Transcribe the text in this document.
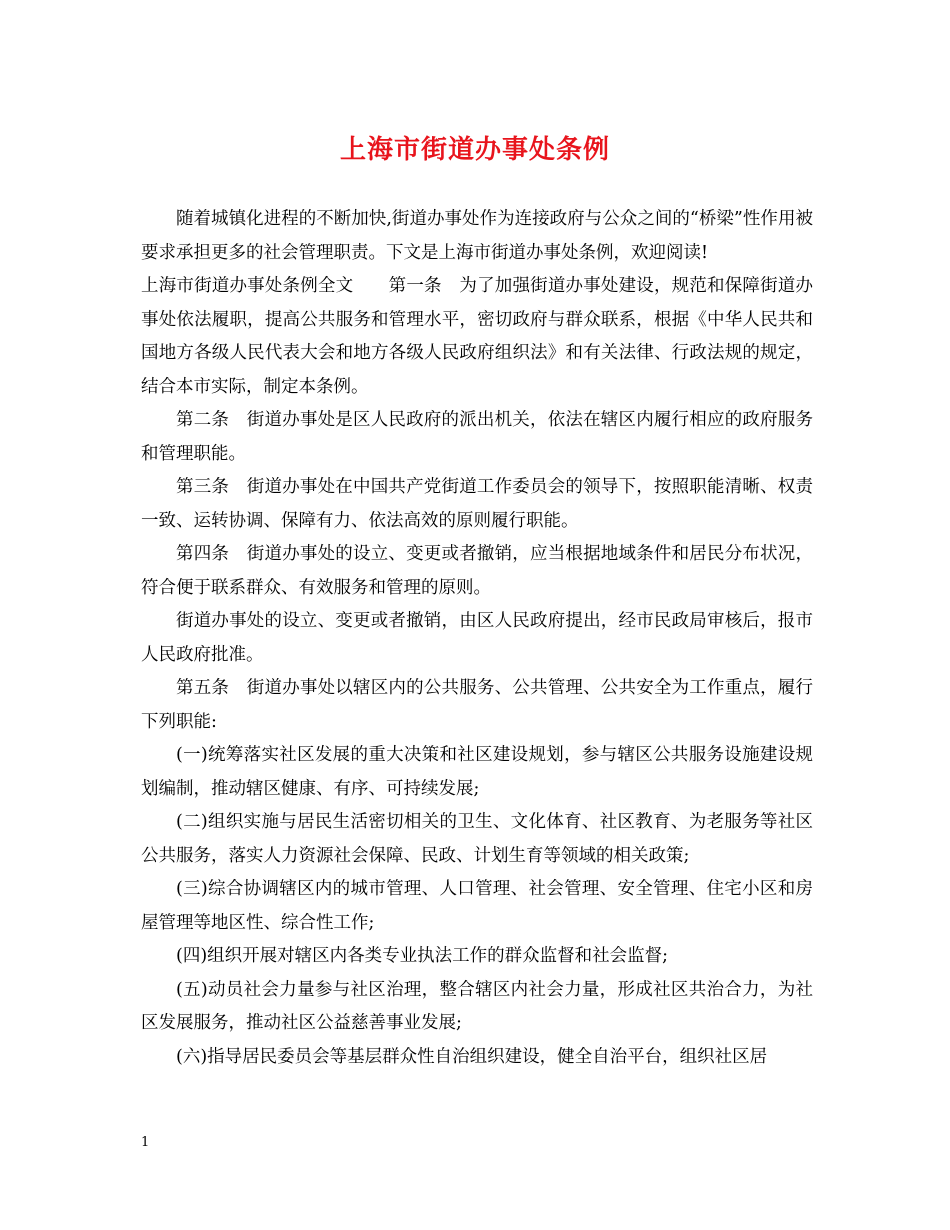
上海市街道办事处条例

随着城镇化进程的不断加快,街道办事处作为连接政府与公众之间的“桥梁”性作用被要求承担更多的社会管理职责。下文是上海市街道办事处条例，欢迎阅读!

上海市街道办事处条例全文　　第一条　为了加强街道办事处建设，规范和保障街道办事处依法履职，提高公共服务和管理水平，密切政府与群众联系，根据《中华人民共和国地方各级人民代表大会和地方各级人民政府组织法》和有关法律、行政法规的规定，结合本市实际，制定本条例。

第二条　街道办事处是区人民政府的派出机关，依法在辖区内履行相应的政府服务和管理职能。

第三条　街道办事处在中国共产党街道工作委员会的领导下，按照职能清晰、权责一致、运转协调、保障有力、依法高效的原则履行职能。

第四条　街道办事处的设立、变更或者撤销，应当根据地域条件和居民分布状况，符合便于联系群众、有效服务和管理的原则。

街道办事处的设立、变更或者撤销，由区人民政府提出，经市民政局审核后，报市人民政府批准。

第五条　街道办事处以辖区内的公共服务、公共管理、公共安全为工作重点，履行下列职能:

(一)统筹落实社区发展的重大决策和社区建设规划，参与辖区公共服务设施建设规划编制，推动辖区健康、有序、可持续发展;

(二)组织实施与居民生活密切相关的卫生、文化体育、社区教育、为老服务等社区公共服务，落实人力资源社会保障、民政、计划生育等领域的相关政策;

(三)综合协调辖区内的城市管理、人口管理、社会管理、安全管理、住宅小区和房屋管理等地区性、综合性工作;

(四)组织开展对辖区内各类专业执法工作的群众监督和社会监督;

(五)动员社会力量参与社区治理，整合辖区内社会力量，形成社区共治合力，为社区发展服务，推动社区公益慈善事业发展;

(六)指导居民委员会等基层群众性自治组织建设，健全自治平台，组织社区居

1
